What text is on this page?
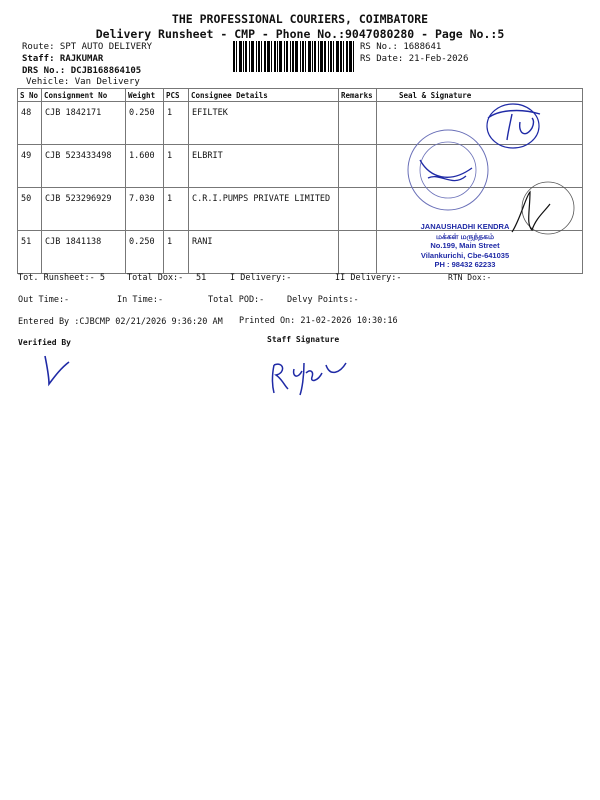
THE PROFESSIONAL COURIERS, COIMBATORE
Delivery Runsheet - CMP - Phone No.:9047080280 - Page No.:5
Route: SPT AUTO DELIVERY
Staff: RAJKUMAR
DRS No.: DCJB168864105
Vehicle: Van Delivery
RS No.: 1688641
RS Date: 21-Feb-2026
S No	Consignment No	Weight	PCS	Consignee Details	Remarks	Seal & Signature
48	CJB 1842171	0.250	1	EFILTEK		
49	CJB 523433498	1.600	1	ELBRIT		
50	CJB 523296929	7.030	1	C.R.I.PUMPS PRIVATE LIMITED		
51	CJB 1841138	0.250	1	RANI		
JANAUSHADHI KENDRA
மக்கள் மருந்தகம்
No.199, Main Street
Vilankurichi, Cbe-641035
PH : 98432 62233
Tot. Runsheet:- 5	Total Dox:- 51	I Delivery:-	II Delivery:-	RTN Dox:-
Out Time:-	In Time:-	Total POD:-	Delvy Points:-
Entered By :CJBCMP 02/21/2026 9:36:20 AM Printed On: 21-02-2026 10:30:16
Verified By	Staff Signature
